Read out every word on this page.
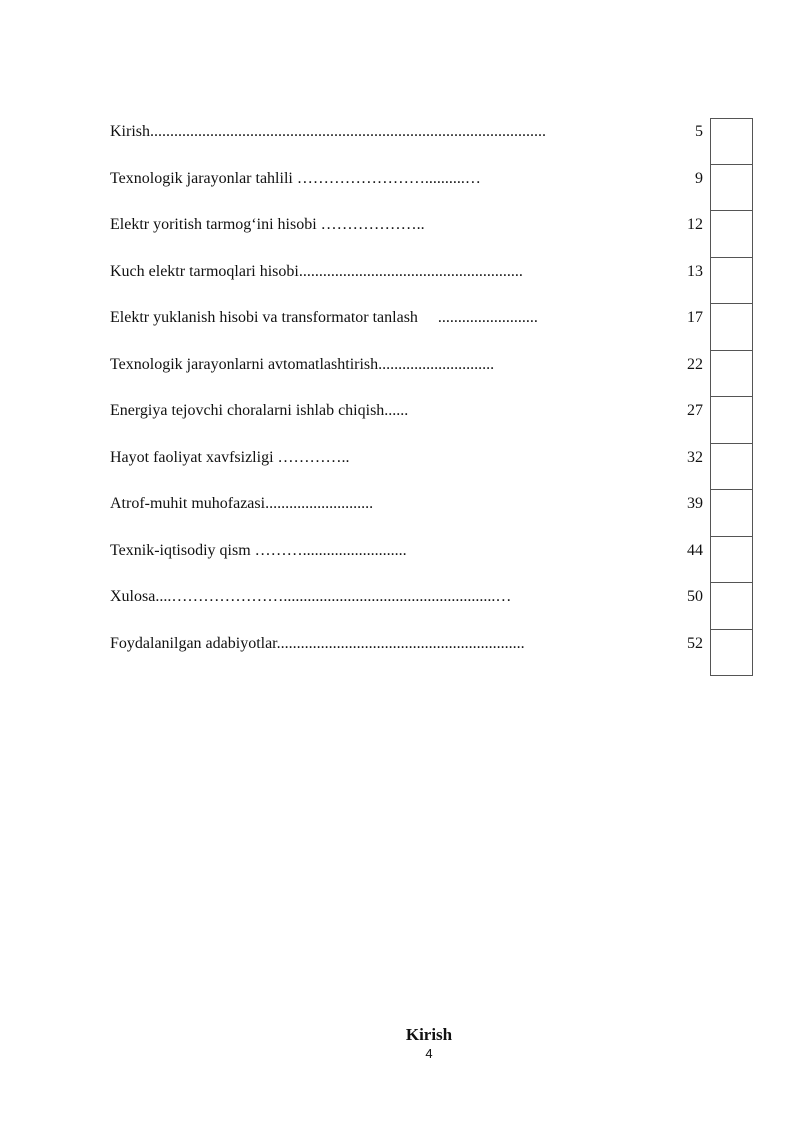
Kirish...................................................................................................	5
Texnologik jarayonlar tahlili ……………………..........…	9
Elektr yoritish tarmog‘ini hisobi ………………..	12
Kuch elektr tarmoqlari hisobi........................................................	13
Elektr yuklanish hisobi va transformator tanlash     .........................	17
Texnologik jarayonlarni avtomatlashtirish.............................	22
Energiya tejovchi choralarni ishlab chiqish......	27
Hayot faoliyat xavfsizligi …………..	32
Atrof-muhit muhofazasi...........................	39
Texnik-iqtisodiy qism ………..........................	44
Xulosa....………………….....................................................…	50
Foydalanilgan adabiyotlar..............................................................	52
Kirish
4
